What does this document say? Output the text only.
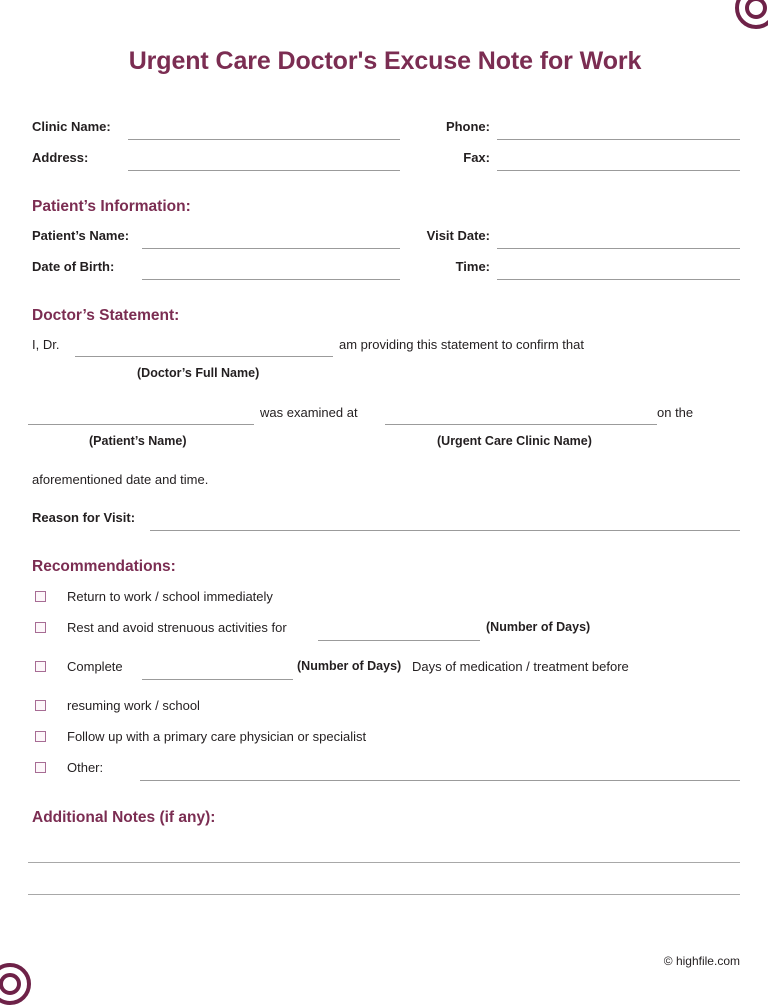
Urgent Care Doctor's Excuse Note for Work
Clinic Name:
Address:
Phone:
Fax:
Patient’s Information:
Patient’s Name:
Date of Birth:
Visit Date:
Time:
Doctor’s Statement:
I, Dr.	am providing this statement to confirm that
(Doctor’s Full Name)
(Patient’s Name)
was examined at
(Urgent Care Clinic Name)
on the
aforementioned date and time.
Reason for Visit:
Recommendations:
Return to work / school immediately
Rest and avoid strenuous activities for	(Number of Days)
Complete	(Number of Days) Days of medication / treatment before
resuming work / school
Follow up with a primary care physician or specialist
Other:
Additional Notes (if any):
© highfile.com
